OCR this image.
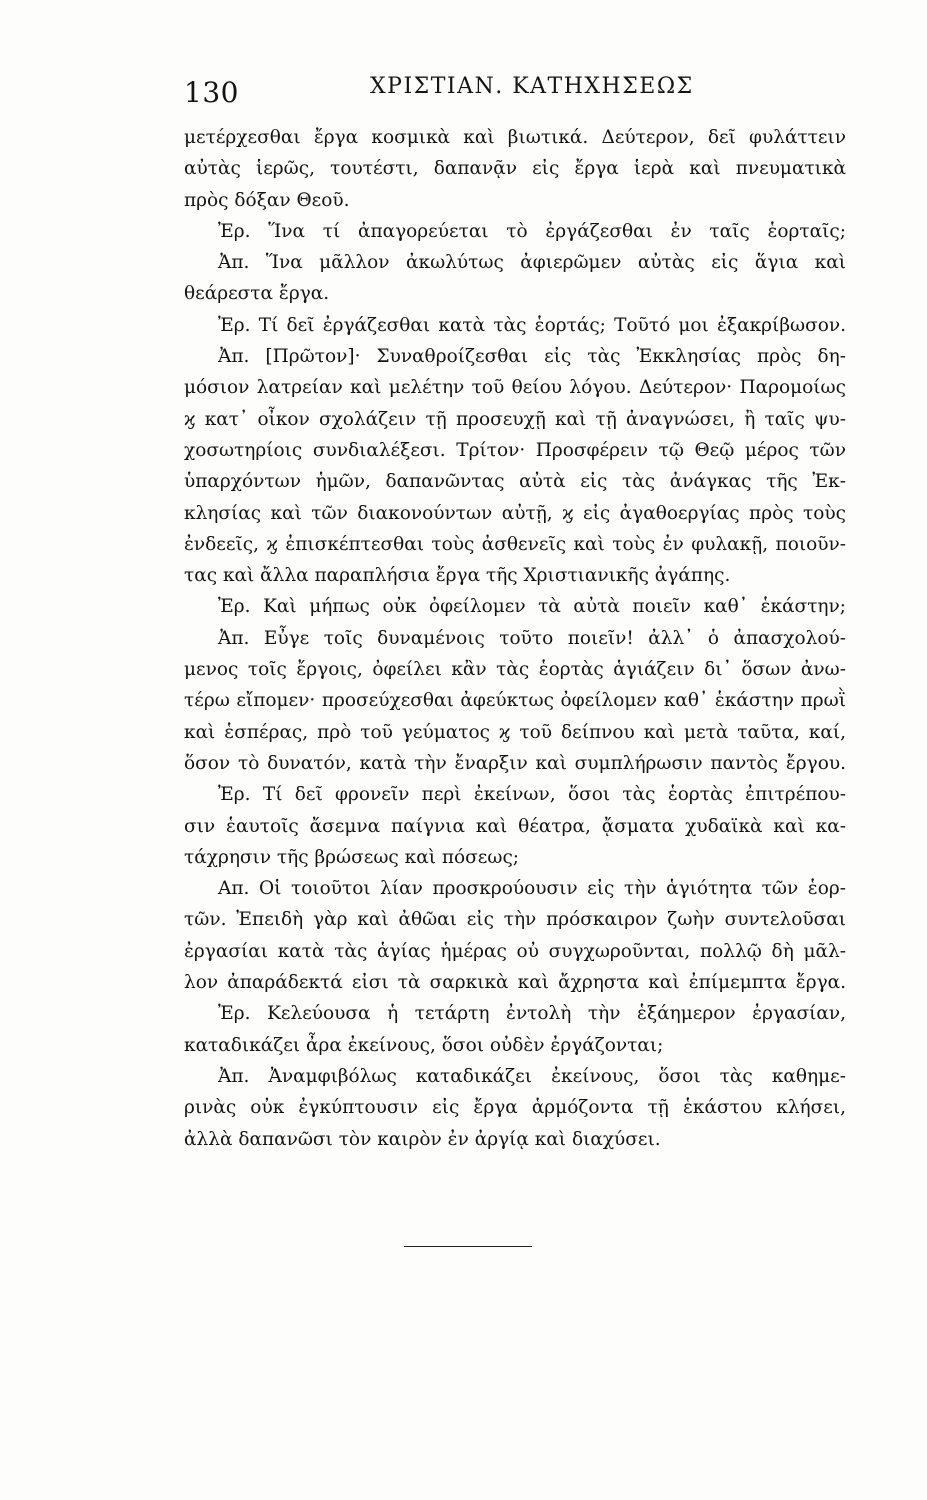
130	ΧΡΙΣΤΙΑΝ. ΚΑΤΗΧΗΣΕΩΣ
μετέρχεσθαι ἔργα κοσμικὰ καὶ βιωτικά. Δεύτερον, δεῖ φυλάττειν
αὐτὰς ἱερῶς, τουτέστι, δαπανᾷν εἰς ἔργα ἱερὰ καὶ πνευματικὰ
πρὸς δόξαν Θεοῦ.
Ἐρ. Ἵνα τί ἀπαγορεύεται τὸ ἐργάζεσθαι ἐν ταῖς ἑορταῖς;
Ἀπ. Ἵνα μᾶλλον ἀκωλύτως ἀφιερῶμεν αὐτὰς εἰς ἅγια καὶ
θεάρεστα ἔργα.
Ἐρ. Τί δεῖ ἐργάζεσθαι κατὰ τὰς ἑορτάς; Τοῦτό μοι ἐξακρίβωσον.
Ἀπ. [Πρῶτον]· Συναθροίζεσθαι εἰς τὰς Ἐκκλησίας πρὸς δη-
μόσιον λατρείαν καὶ μελέτην τοῦ θείου λόγου. Δεύτερον· Παρομοίως
ϗ κατ᾽ οἶκον σχολάζειν τῇ προσευχῇ καὶ τῇ ἀναγνώσει, ἢ ταῖς ψυ-
χοσωτηρίοις συνδιαλέξεσι. Τρίτον· Προσφέρειν τῷ Θεῷ μέρος τῶν
ὑπαρχόντων ἡμῶν, δαπανῶντας αὐτὰ εἰς τὰς ἀνάγκας τῆς Ἐκ-
κλησίας καὶ τῶν διακονούντων αὐτῇ, ϗ εἰς ἀγαθοεργίας πρὸς τοὺς
ἐνδεεῖς, ϗ ἐπισκέπτεσθαι τοὺς ἀσθενεῖς καὶ τοὺς ἐν φυλακῇ, ποιοῦν-
τας καὶ ἄλλα παραπλήσια ἔργα τῆς Χριστιανικῆς ἀγάπης.
Ἐρ. Καὶ μήπως οὐκ ὀφείλομεν τὰ αὐτὰ ποιεῖν καθ᾽ ἑκάστην;
Ἀπ. Εὖγε τοῖς δυναμένοις τοῦτο ποιεῖν! ἀλλ᾽ ὁ ἀπασχολού-
μενος τοῖς ἔργοις, ὀφείλει κἂν τὰς ἑορτὰς ἁγιάζειν δι᾽ ὅσων ἀνω-
τέρω εἴπομεν· προσεύχεσθαι ἀφεύκτως ὀφείλομεν καθ᾽ ἑκάστην πρωῒ
καὶ ἑσπέρας, πρὸ τοῦ γεύματος ϗ τοῦ δείπνου καὶ μετὰ ταῦτα, καί,
ὅσον τὸ δυνατόν, κατὰ τὴν ἔναρξιν καὶ συμπλήρωσιν παντὸς ἔργου.
Ἐρ. Τί δεῖ φρονεῖν περὶ ἐκείνων, ὅσοι τὰς ἑορτὰς ἐπιτρέπου-
σιν ἑαυτοῖς ἄσεμνα παίγνια καὶ θέατρα, ᾄσματα χυδαϊκὰ καὶ κα-
τάχρησιν τῆς βρώσεως καὶ πόσεως;
Απ. Οἱ τοιοῦτοι λίαν προσκρούουσιν εἰς τὴν ἁγιότητα τῶν ἑορ-
τῶν. Ἐπειδὴ γὰρ καὶ ἀθῶαι εἰς τὴν πρόσκαιρον ζωὴν συντελοῦσαι
ἐργασίαι κατὰ τὰς ἁγίας ἡμέρας οὐ συγχωροῦνται, πολλῷ δὴ μᾶλ-
λον ἀπαράδεκτά εἰσι τὰ σαρκικὰ καὶ ἄχρηστα καὶ ἐπίμεμπτα ἔργα.
Ἐρ. Κελεύουσα ἡ τετάρτη ἐντολὴ τὴν ἑξάημερον ἐργασίαν,
καταδικάζει ἆρα ἐκείνους, ὅσοι οὐδὲν ἐργάζονται;
Ἀπ. Ἀναμφιβόλως καταδικάζει ἐκείνους, ὅσοι τὰς καθημε-
ρινὰς οὐκ ἐγκύπτουσιν εἰς ἔργα ἁρμόζοντα τῇ ἑκάστου κλήσει,
ἀλλὰ δαπανῶσι τὸν καιρὸν ἐν ἀργίᾳ καὶ διαχύσει.
